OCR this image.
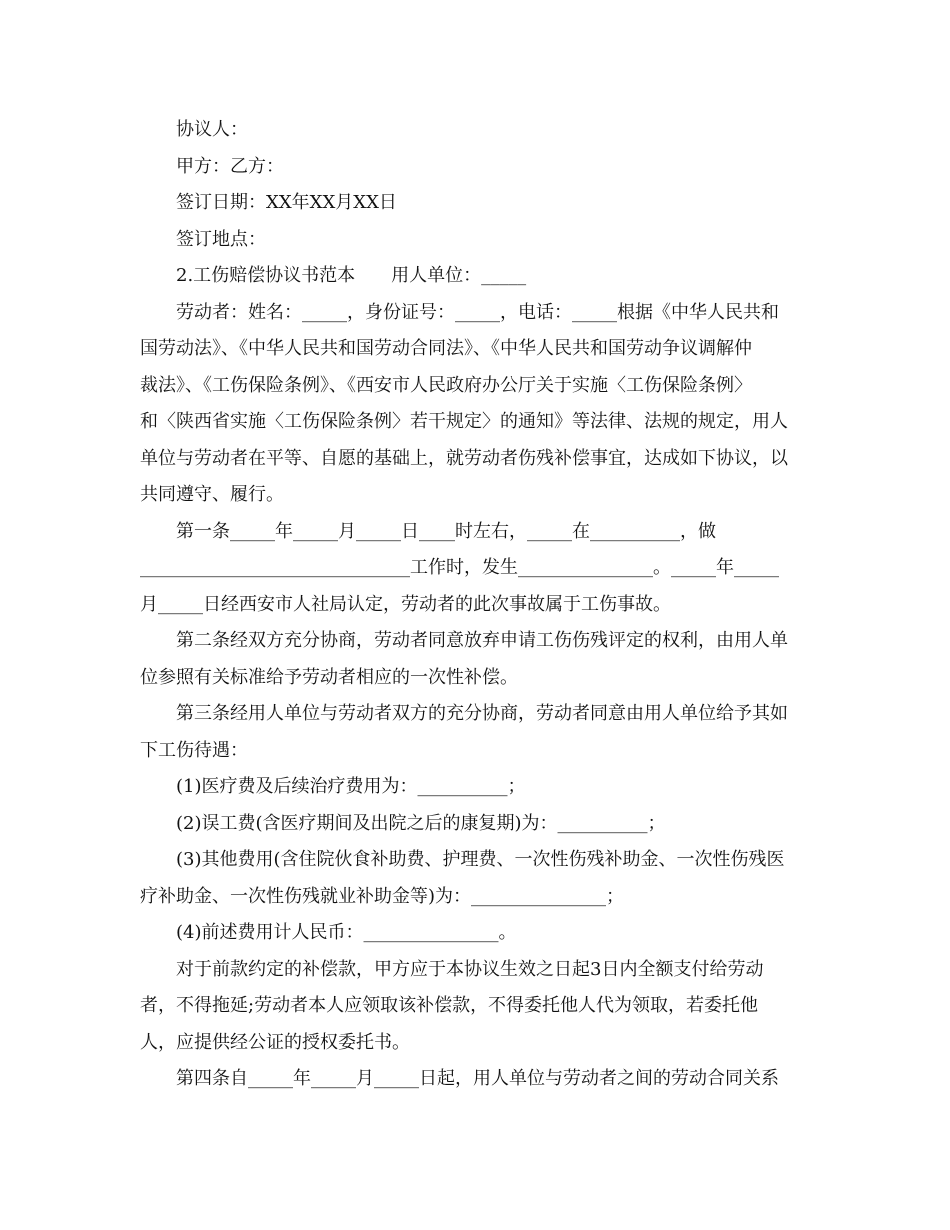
协议人：
甲方：乙方：
签订日期：XX年XX月XX日
签订地点：
2.工伤赔偿协议书范本　　用人单位：_____
劳动者：姓名：_____，身份证号：_____，电话：_____根据《中华人民共和
国劳动法》、《中华人民共和国劳动合同法》、《中华人民共和国劳动争议调解仲
裁法》、《工伤保险条例》、《西安市人民政府办公厅关于实施〈工伤保险条例〉
和〈陕西省实施〈工伤保险条例〉若干规定〉的通知》等法律、法规的规定，用人
单位与劳动者在平等、自愿的基础上，就劳动者伤残补偿事宜，达成如下协议，以
共同遵守、履行。
第一条_____年_____月_____日____时左右，_____在__________，做
______________________________工作时，发生_______________。_____年_____
月_____日经西安市人社局认定，劳动者的此次事故属于工伤事故。
第二条经双方充分协商，劳动者同意放弃申请工伤伤残评定的权利，由用人单
位参照有关标准给予劳动者相应的一次性补偿。
第三条经用人单位与劳动者双方的充分协商，劳动者同意由用人单位给予其如
下工伤待遇：
(1)医疗费及后续治疗费用为：__________；
(2)误工费(含医疗期间及出院之后的康复期)为：__________；
(3)其他费用(含住院伙食补助费、护理费、一次性伤残补助金、一次性伤残医
疗补助金、一次性伤残就业补助金等)为：_______________；
(4)前述费用计人民币：_______________。
对于前款约定的补偿款，甲方应于本协议生效之日起3日内全额支付给劳动
者，不得拖延;劳动者本人应领取该补偿款，不得委托他人代为领取，若委托他
人，应提供经公证的授权委托书。
第四条自_____年_____月_____日起，用人单位与劳动者之间的劳动合同关系
